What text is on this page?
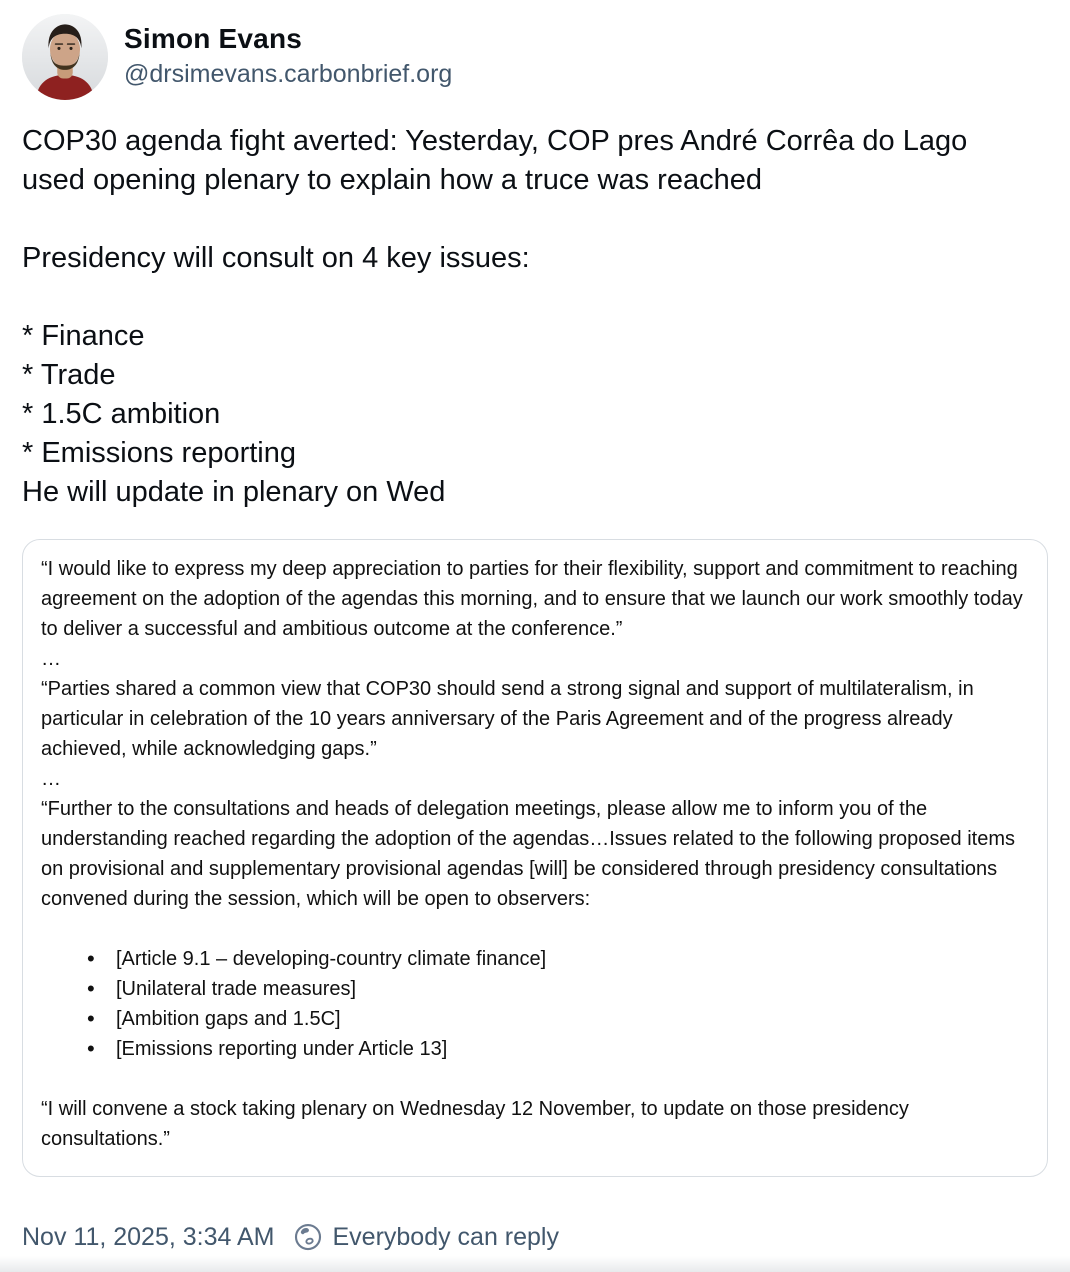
Simon Evans
@drsimevans.carbonbrief.org

COP30 agenda fight averted: Yesterday, COP pres André Corrêa do Lago used opening plenary to explain how a truce was reached

Presidency will consult on 4 key issues:

* Finance
* Trade
* 1.5C ambition
* Emissions reporting

He will update in plenary on Wed

“I would like to express my deep appreciation to parties for their flexibility, support and commitment to reaching agreement on the adoption of the agendas this morning, and to ensure that we launch our work smoothly today to deliver a successful and ambitious outcome at the conference.”

…

“Parties shared a common view that COP30 should send a strong signal and support of multilateralism, in particular in celebration of the 10 years anniversary of the Paris Agreement and of the progress already achieved, while acknowledging gaps.”

…

“Further to the consultations and heads of delegation meetings, please allow me to inform you of the understanding reached regarding the adoption of the agendas…Issues related to the following proposed items on provisional and supplementary provisional agendas [will] be considered through presidency consultations convened during the session, which will be open to observers:

• [Article 9.1 – developing-country climate finance]
• [Unilateral trade measures]
• [Ambition gaps and 1.5C]
• [Emissions reporting under Article 13]

“I will convene a stock taking plenary on Wednesday 12 November, to update on those presidency consultations.”

Nov 11, 2025, 3:34 AM Everybody can reply
